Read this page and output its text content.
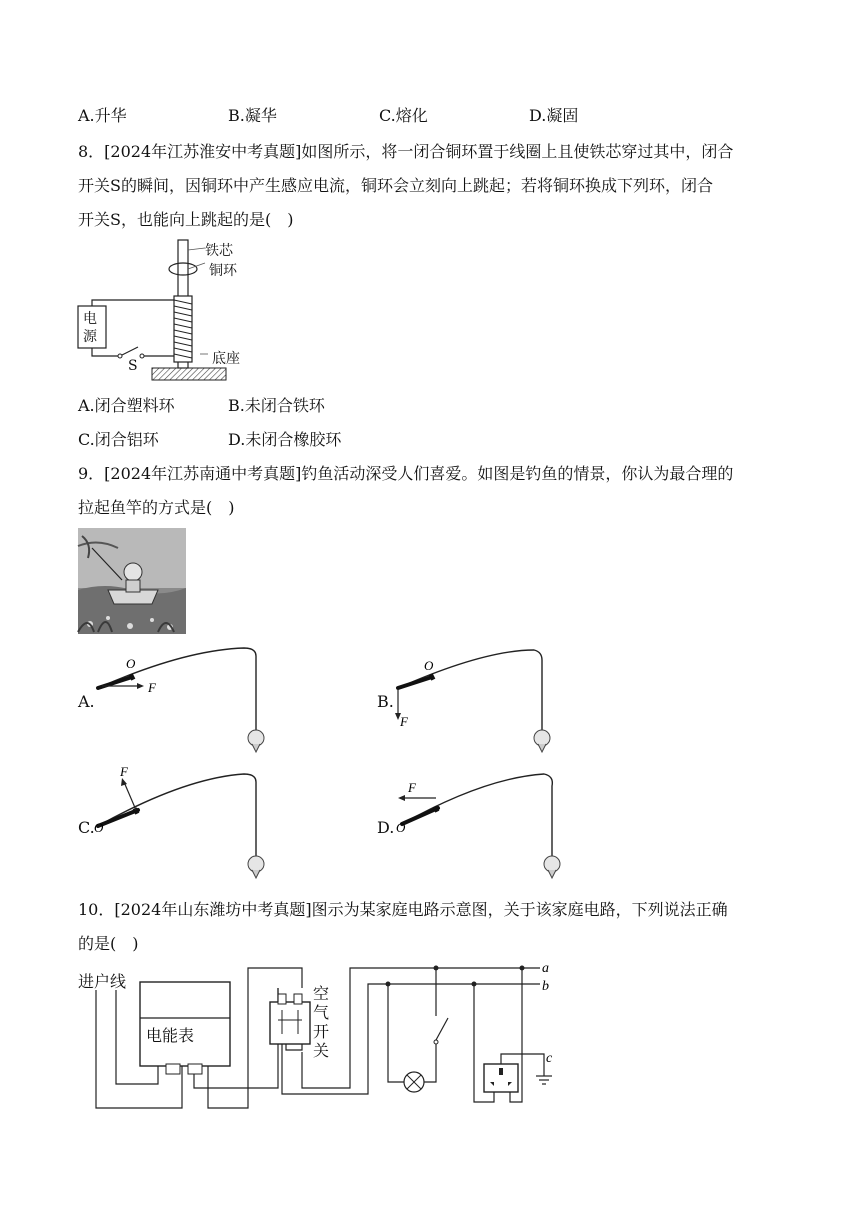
A.升华	B.凝华	C.熔化	D.凝固
8．[2024年江苏淮安中考真题]如图所示，将一闭合铜环置于线圈上且使铁芯穿过其中，闭合
开关S的瞬间，因铜环中产生感应电流，铜环会立刻向上跳起；若将铜环换成下列环，闭合
开关S，也能向上跳起的是(　)
铁芯
铜环
电
源
S	底座
A.闭合塑料环	B.未闭合铁环
C.闭合铝环	D.未闭合橡胶环
9．[2024年江苏南通中考真题]钓鱼活动深受人们喜爱。如图是钓鱼的情景，你认为最合理的
拉起鱼竿的方式是(　)
A.	B.
C.	D.
F
O
F
O
F
O
F
O
10．[2024年山东潍坊中考真题]图示为某家庭电路示意图，关于该家庭电路，下列说法正确
的是(　)
a
b
c
进户线
电能表
空
气
开
关
